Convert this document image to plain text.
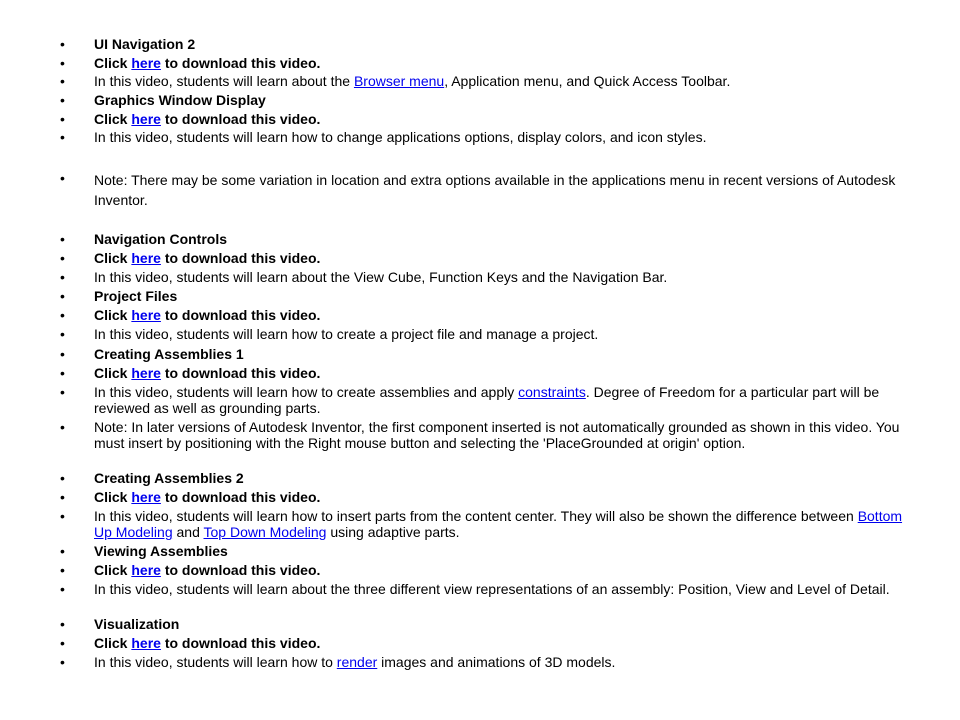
• UI Navigation 2
• Click here to download this video.
• In this video, students will learn about the Browser menu, Application menu, and Quick Access Toolbar.
• Graphics Window Display
• Click here to download this video.
• In this video, students will learn how to change applications options, display colors, and icon styles.
• Note: There may be some variation in location and extra options available in the applications menu in recent versions of Autodesk Inventor.
• Navigation Controls
• Click here to download this video.
• In this video, students will learn about the View Cube, Function Keys and the Navigation Bar.
• Project Files
• Click here to download this video.
• In this video, students will learn how to create a project file and manage a project.
• Creating Assemblies 1
• Click here to download this video.
• In this video, students will learn how to create assemblies and apply constraints. Degree of Freedom for a particular part will be reviewed as well as grounding parts.
• Note: In later versions of Autodesk Inventor, the first component inserted is not automatically grounded as shown in this video. You must insert by positioning with the Right mouse button and selecting the 'PlaceGrounded at origin' option.
• Creating Assemblies 2
• Click here to download this video.
• In this video, students will learn how to insert parts from the content center. They will also be shown the difference between Bottom Up Modeling and Top Down Modeling using adaptive parts.
• Viewing Assemblies
• Click here to download this video.
• In this video, students will learn about the three different view representations of an assembly: Position, View and Level of Detail.
• Visualization
• Click here to download this video.
• In this video, students will learn how to render images and animations of 3D models.
